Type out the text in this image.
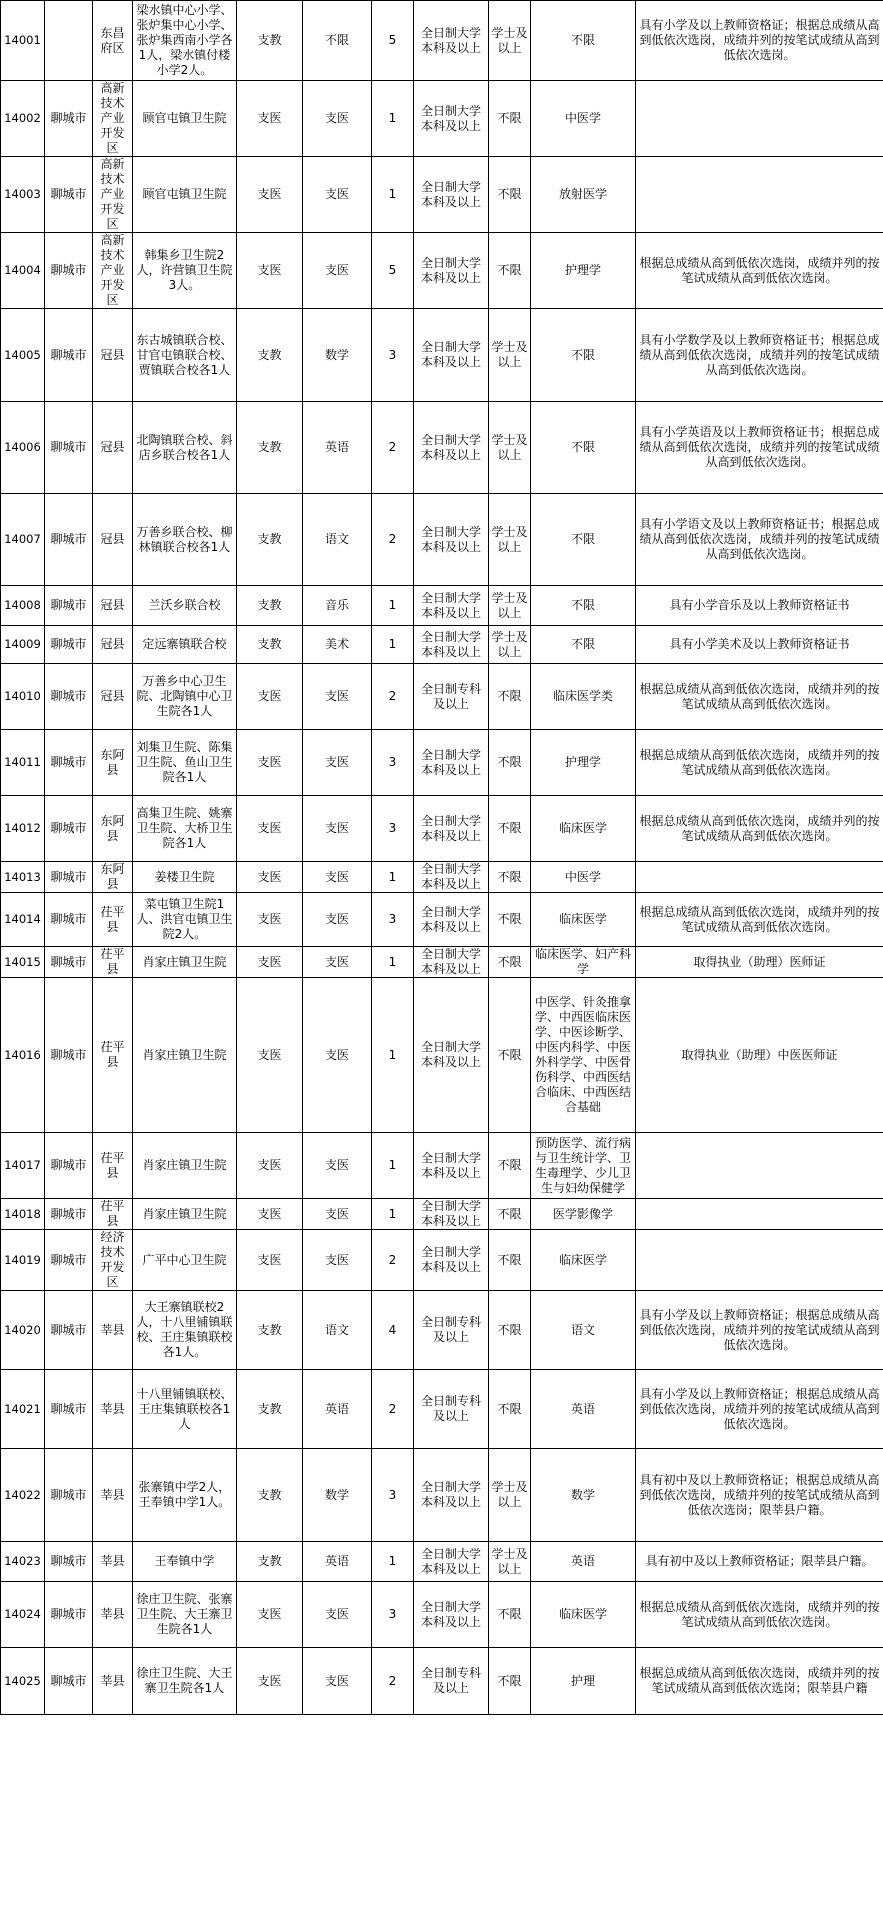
14001		东昌府区	梁水镇中心小学、张炉集中心小学、张炉集西南小学各1人，梁水镇付楼小学2人。	支教	不限	5	全日制大学本科及以上	学士及以上	不限	具有小学及以上教师资格证；根据总成绩从高到低依次选岗，成绩并列的按笔试成绩从高到低依次选岗。
14002	聊城市	高新技术产业开发区	顾官屯镇卫生院	支医	支医	1	全日制大学本科及以上	不限	中医学	
14003	聊城市	高新技术产业开发区	顾官屯镇卫生院	支医	支医	1	全日制大学本科及以上	不限	放射医学	
14004	聊城市	高新技术产业开发区	韩集乡卫生院2人，许营镇卫生院3人。	支医	支医	5	全日制大学本科及以上	不限	护理学	根据总成绩从高到低依次选岗，成绩并列的按笔试成绩从高到低依次选岗。
14005	聊城市	冠县	东古城镇联合校、甘官屯镇联合校、贾镇联合校各1人	支教	数学	3	全日制大学本科及以上	学士及以上	不限	具有小学数学及以上教师资格证书；根据总成绩从高到低依次选岗，成绩并列的按笔试成绩从高到低依次选岗。
14006	聊城市	冠县	北陶镇联合校、斜店乡联合校各1人	支教	英语	2	全日制大学本科及以上	学士及以上	不限	具有小学英语及以上教师资格证书；根据总成绩从高到低依次选岗，成绩并列的按笔试成绩从高到低依次选岗。
14007	聊城市	冠县	万善乡联合校、柳林镇联合校各1人	支教	语文	2	全日制大学本科及以上	学士及以上	不限	具有小学语文及以上教师资格证书；根据总成绩从高到低依次选岗，成绩并列的按笔试成绩从高到低依次选岗。
14008	聊城市	冠县	兰沃乡联合校	支教	音乐	1	全日制大学本科及以上	学士及以上	不限	具有小学音乐及以上教师资格证书
14009	聊城市	冠县	定远寨镇联合校	支教	美术	1	全日制大学本科及以上	学士及以上	不限	具有小学美术及以上教师资格证书
14010	聊城市	冠县	万善乡中心卫生院、北陶镇中心卫生院各1人	支医	支医	2	全日制专科及以上	不限	临床医学类	根据总成绩从高到低依次选岗，成绩并列的按笔试成绩从高到低依次选岗。
14011	聊城市	东阿县	刘集卫生院、陈集卫生院、鱼山卫生院各1人	支医	支医	3	全日制大学本科及以上	不限	护理学	根据总成绩从高到低依次选岗，成绩并列的按笔试成绩从高到低依次选岗。
14012	聊城市	东阿县	高集卫生院、姚寨卫生院、大桥卫生院各1人	支医	支医	3	全日制大学本科及以上	不限	临床医学	根据总成绩从高到低依次选岗，成绩并列的按笔试成绩从高到低依次选岗。
14013	聊城市	东阿县	姜楼卫生院	支医	支医	1	全日制大学本科及以上	不限	中医学	
14014	聊城市	茌平县	菜屯镇卫生院1人、洪官屯镇卫生院2人。	支医	支医	3	全日制大学本科及以上	不限	临床医学	根据总成绩从高到低依次选岗，成绩并列的按笔试成绩从高到低依次选岗。
14015	聊城市	茌平县	肖家庄镇卫生院	支医	支医	1	全日制大学本科及以上	不限	临床医学、妇产科学	取得执业（助理）医师证
14016	聊城市	茌平县	肖家庄镇卫生院	支医	支医	1	全日制大学本科及以上	不限	中医学、针灸推拿学、中西医临床医学、中医诊断学、中医内科学、中医外科学学、中医骨伤科学、中西医结合临床、中西医结合基础	取得执业（助理）中医医师证
14017	聊城市	茌平县	肖家庄镇卫生院	支医	支医	1	全日制大学本科及以上	不限	预防医学、流行病与卫生统计学、卫生毒理学、少儿卫生与妇幼保健学	
14018	聊城市	茌平县	肖家庄镇卫生院	支医	支医	1	全日制大学本科及以上	不限	医学影像学	
14019	聊城市	经济技术开发区	广平中心卫生院	支医	支医	2	全日制大学本科及以上	不限	临床医学	
14020	聊城市	莘县	大王寨镇联校2人，十八里铺镇联校、王庄集镇联校各1人。	支教	语文	4	全日制专科及以上	不限	语文	具有小学及以上教师资格证；根据总成绩从高到低依次选岗，成绩并列的按笔试成绩从高到低依次选岗。
14021	聊城市	莘县	十八里铺镇联校、王庄集镇联校各1人	支教	英语	2	全日制专科及以上	不限	英语	具有小学及以上教师资格证；根据总成绩从高到低依次选岗，成绩并列的按笔试成绩从高到低依次选岗。
14022	聊城市	莘县	张寨镇中学2人，王奉镇中学1人。	支教	数学	3	全日制大学本科及以上	学士及以上	数学	具有初中及以上教师资格证；根据总成绩从高到低依次选岗，成绩并列的按笔试成绩从高到低依次选岗；限莘县户籍。
14023	聊城市	莘县	王奉镇中学	支教	英语	1	全日制大学本科及以上	学士及以上	英语	具有初中及以上教师资格证；限莘县户籍。
14024	聊城市	莘县	徐庄卫生院、张寨卫生院、大王寨卫生院各1人	支医	支医	3	全日制大学本科及以上	不限	临床医学	根据总成绩从高到低依次选岗，成绩并列的按笔试成绩从高到低依次选岗。
14025	聊城市	莘县	徐庄卫生院、大王寨卫生院各1人	支医	支医	2	全日制专科及以上	不限	护理	根据总成绩从高到低依次选岗，成绩并列的按笔试成绩从高到低依次选岗；限莘县户籍
